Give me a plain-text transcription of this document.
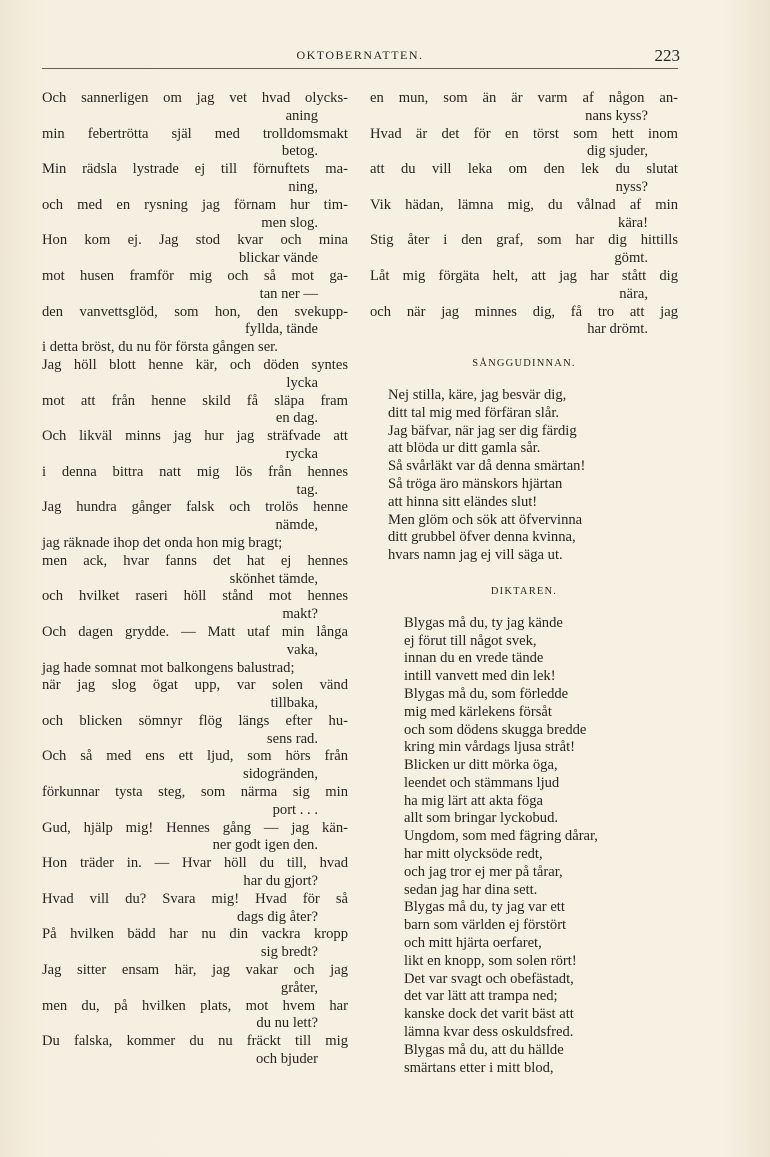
OKTOBERNATTEN.	223
Och sannerligen om jag vet hvad olycks-
aning
min febertrötta själ med trolldomsmakt
betog.
Min rädsla lystrade ej till förnuftets ma-
ning,
och med en rysning jag förnam hur tim-
men slog.
Hon kom ej. Jag stod kvar och mina
blickar vände
mot husen framför mig och så mot ga-
tan ner —
den vanvettsglöd, som hon, den svekupp-
fyllda, tände
i detta bröst, du nu för första gången ser.
Jag höll blott henne kär, och döden syntes
lycka
mot att från henne skild få släpa fram
en dag.
Och likväl minns jag hur jag sträfvade att
rycka
i denna bittra natt mig lös från hennes
tag.
Jag hundra gånger falsk och trolös henne
nämde,
jag räknade ihop det onda hon mig bragt;
men ack, hvar fanns det hat ej hennes
skönhet tämde,
och hvilket raseri höll stånd mot hennes
makt?
Och dagen grydde. — Matt utaf min långa
vaka,
jag hade somnat mot balkongens balustrad;
när jag slog ögat upp, var solen vänd
tillbaka,
och blicken sömnyr flög längs efter hu-
sens rad.
Och så med ens ett ljud, som hörs från
sidogränden,
förkunnar tysta steg, som närma sig min
port . . .
Gud, hjälp mig! Hennes gång — jag kän-
ner godt igen den.
Hon träder in. — Hvar höll du till, hvad
har du gjort?
Hvad vill du? Svara mig! Hvad för så
dags dig åter?
På hvilken bädd har nu din vackra kropp
sig bredt?
Jag sitter ensam här, jag vakar och jag
gråter,
men du, på hvilken plats, mot hvem har
du nu lett?
Du falska, kommer du nu fräckt till mig
och bjuder
en mun, som än är varm af någon an-
nans kyss?
Hvad är det för en törst som hett inom
dig sjuder,
att du vill leka om den lek du slutat
nyss?
Vik hädan, lämna mig, du vålnad af min
kära!
Stig åter i den graf, som har dig hittills
gömt.
Låt mig förgäta helt, att jag har stått dig
nära,
och när jag minnes dig, få tro att jag
har drömt.
SÅNGGUDINNAN.
Nej stilla, käre, jag besvär dig,
ditt tal mig med förfäran slår.
Jag bäfvar, när jag ser dig färdig
att blöda ur ditt gamla sår.
Så svårläkt var då denna smärtan!
Så tröga äro mänskors hjärtan
att hinna sitt eländes slut!
Men glöm och sök att öfvervinna
ditt grubbel öfver denna kvinna,
hvars namn jag ej vill säga ut.
DIKTAREN.
Blygas må du, ty jag kände
ej förut till något svek,
innan du en vrede tände
intill vanvett med din lek!
Blygas må du, som förledde
mig med kärlekens försåt
och som dödens skugga bredde
kring min vårdags ljusa stråt!
Blicken ur ditt mörka öga,
leendet och stämmans ljud
ha mig lärt att akta föga
allt som bringar lyckobud.
Ungdom, som med fägring dårar,
har mitt olycksöde redt,
och jag tror ej mer på tårar,
sedan jag har dina sett.
Blygas må du, ty jag var ett
barn som världen ej förstört
och mitt hjärta oerfaret,
likt en knopp, som solen rört!
Det var svagt och obefästadt,
det var lätt att trampa ned;
kanske dock det varit bäst att
lämna kvar dess oskuldsfred.
Blygas må du, att du hällde
smärtans etter i mitt blod,
